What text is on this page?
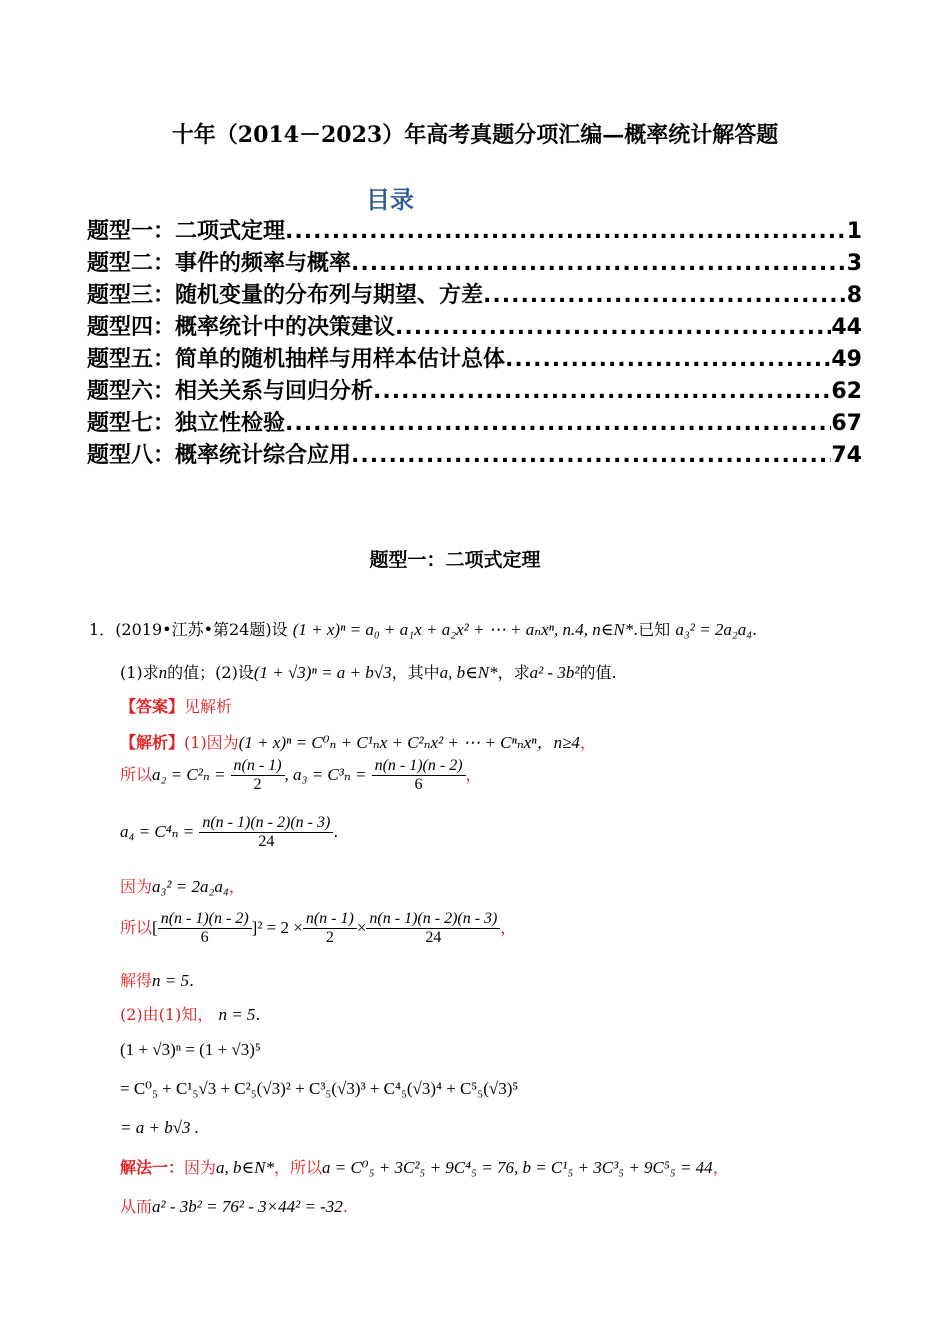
十年（2014－2023）年高考真题分项汇编—概率统计解答题
目录
题型一：二项式定理 .....	1
题型二：事件的频率与概率 .....	3
题型三：随机变量的分布列与期望、方差 .....	8
题型四：概率统计中的决策建议 .....	44
题型五：简单的随机抽样与用样本估计总体 .....	49
题型六：相关关系与回归分析 .....	62
题型七：独立性检验 .....	67
题型八：概率统计综合应用 .....	74
题型一：二项式定理
1．(2019•江苏•第24题)设 (1 + x)ⁿ = a₀ + a₁x + a₂x² + ⋯ + aₙxⁿ, n.4, n∈N*.已知 a₃² = 2a₂a₄.
(1)求n的值；(2)设(1 + √3)ⁿ = a + b√3，其中a, b∈N*，求a² - 3b²的值.
【答案】见解析
【解析】(1)因为(1 + x)ⁿ = C⁰ₙ + C¹ₙx + C²ₙx² + ⋯ + Cⁿₙxⁿ，n≥4，
所以$a_2 = C^2_n = \frac{n(n - 1)}{2}$ , $a_3 = C^3_n = \frac{n(n - 1)(n - 2)}{6}$ ，
$a_4 = C^4_n = \frac{n(n - 1)(n - 2)(n - 3)}{24}$ .
因为a₃² = 2a₂a₄，
所以[ $\frac{n(n - 1)(n - 2)}{6} ]^2 = 2 \times \frac{n(n - 1)}{2} \times \frac{n(n - 1)(n - 2)(n - 3)}{24}$ ，
解得n = 5.
(2)由(1)知， n = 5.
(1 + √3)ⁿ = (1 + √3)⁵
= C⁰₅ + C¹₅√3 + C²₅(√3)² + C³₅(√3)³ + C⁴₅(√3)⁴ + C⁵₅(√3)⁵
= a + b√3 .
解法一：因为a, b∈N*，所以a = C⁰₅ + 3C²₅ + 9C⁴₅ = 76, b = C¹₅ + 3C³₅ + 9C⁵₅ = 44，
从而a² - 3b² = 76² - 3×44² = -32.
